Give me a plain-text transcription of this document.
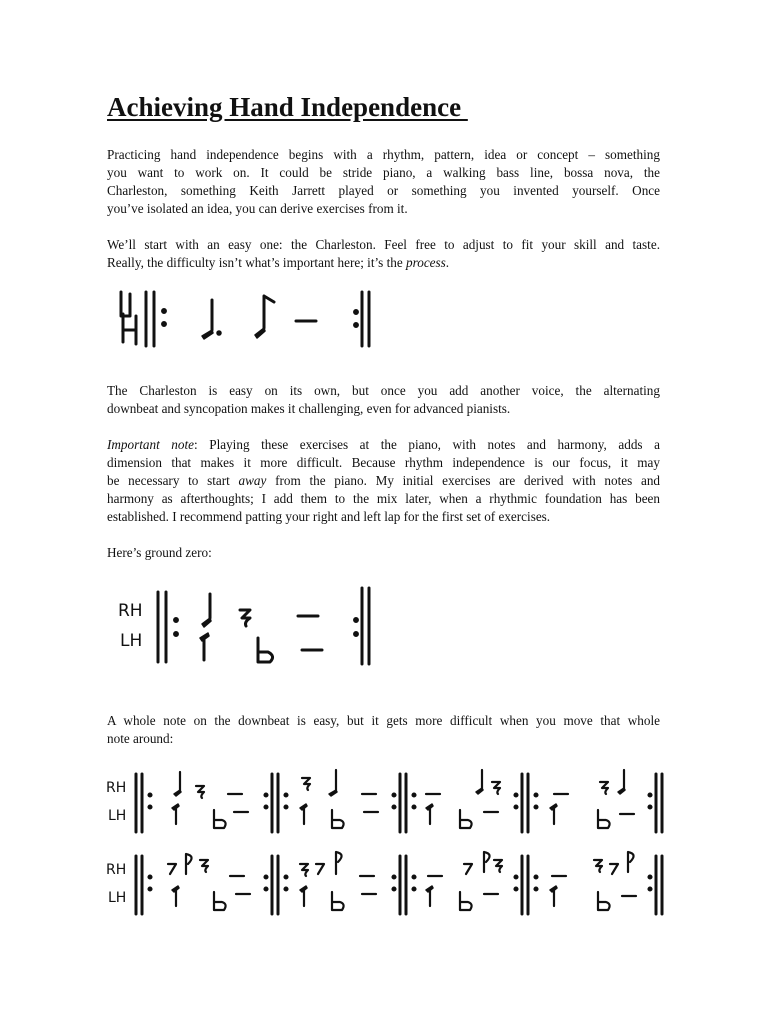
Achieving Hand Independence
Practicing hand independence begins with a rhythm, pattern, idea or concept – something
you want to work on. It could be stride piano, a walking bass line, bossa nova, the
Charleston, something Keith Jarrett played or something you invented yourself. Once
you’ve isolated an idea, you can derive exercises from it.
We’ll start with an easy one: the Charleston. Feel free to adjust to fit your skill and taste.
Really, the difficulty isn’t what’s important here; it’s the process.
The Charleston is easy on its own, but once you add another voice, the alternating
downbeat and syncopation makes it challenging, even for advanced pianists.
Important note: Playing these exercises at the piano, with notes and harmony, adds a
dimension that makes it more difficult. Because rhythm independence is our focus, it may
be necessary to start away from the piano. My initial exercises are derived with notes and
harmony as afterthoughts; I add them to the mix later, when a rhythmic foundation has been
established. I recommend patting your right and left lap for the first set of exercises.
Here’s ground zero:
RH
LH
A whole note on the downbeat is easy, but it gets more difficult when you move that whole
note around:
RH
LH
RH
LH
